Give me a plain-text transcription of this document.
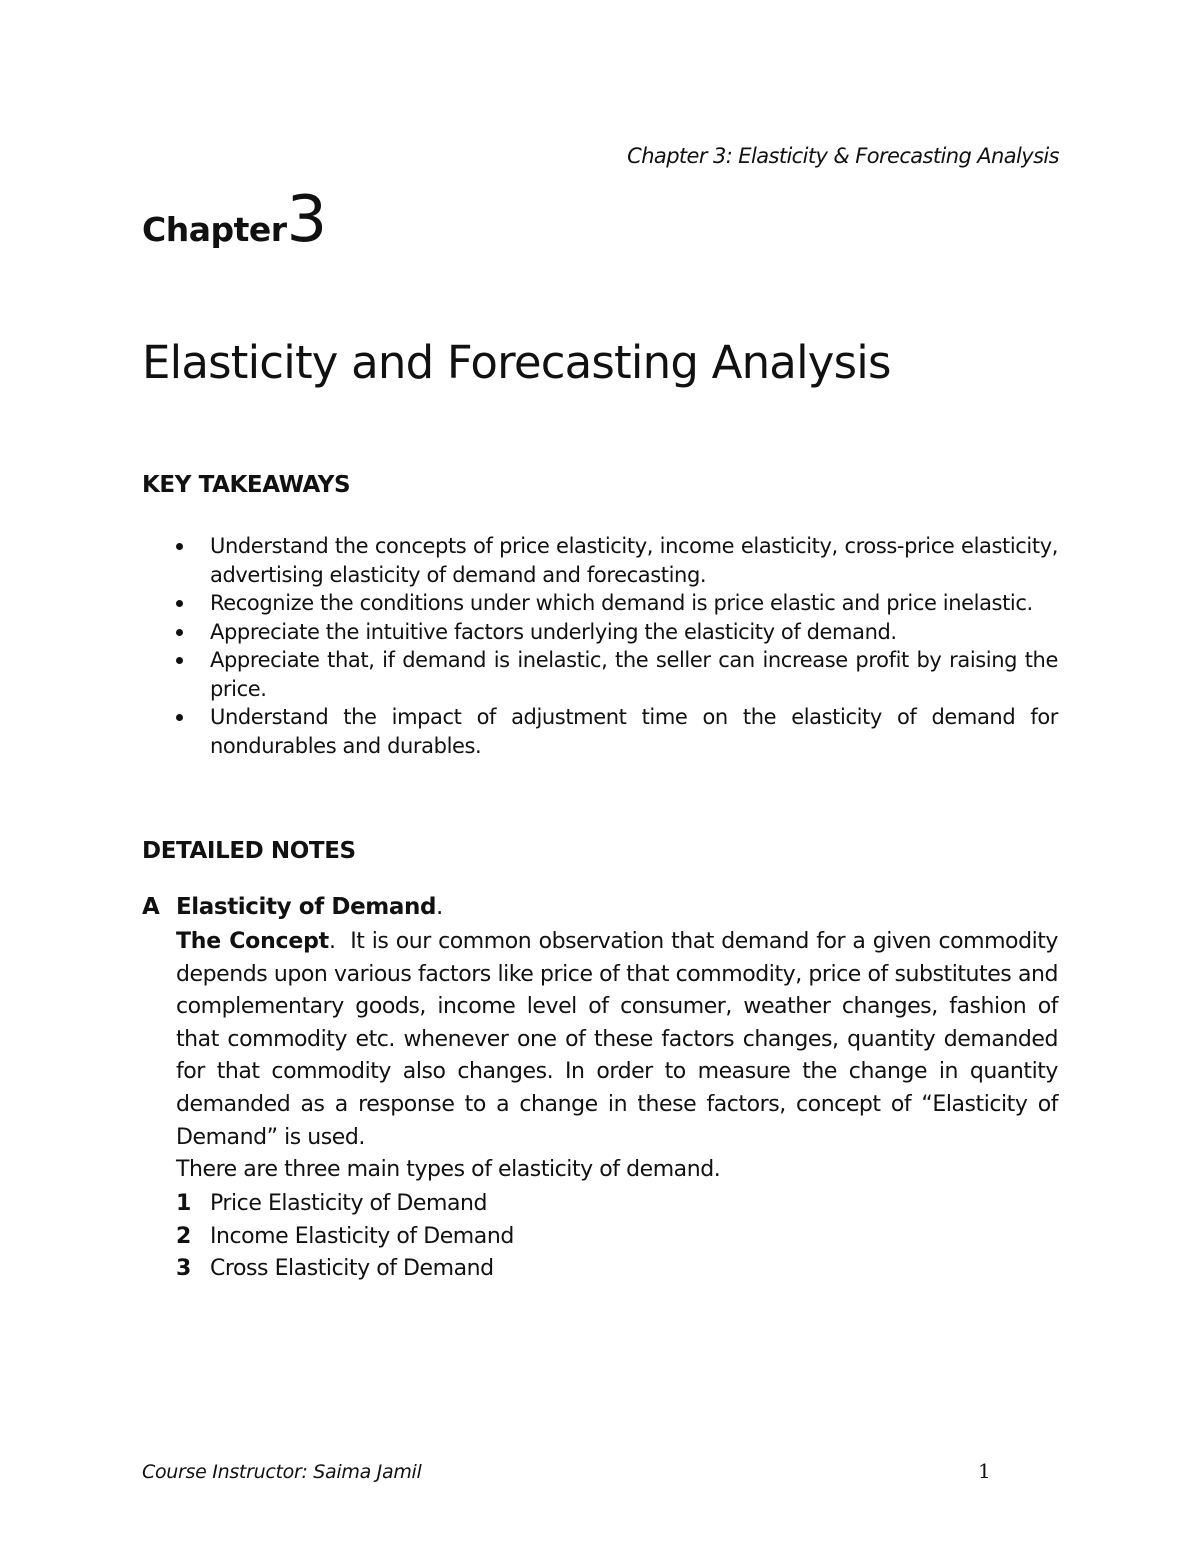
Chapter 3: Elasticity & Forecasting Analysis
Chapter3
Elasticity and Forecasting Analysis
KEY TAKEAWAYS
Understand the concepts of price elasticity, income elasticity, cross-price elasticity, advertising elasticity of demand and forecasting.
Recognize the conditions under which demand is price elastic and price inelastic.
Appreciate the intuitive factors underlying the elasticity of demand.
Appreciate that, if demand is inelastic, the seller can increase profit by raising the price.
Understand the impact of adjustment time on the elasticity of demand for nondurables and durables.
DETAILED NOTES
A Elasticity of Demand.

The Concept. It is our common observation that demand for a given commodity depends upon various factors like price of that commodity, price of substitutes and complementary goods, income level of consumer, weather changes, fashion of that commodity etc. whenever one of these factors changes, quantity demanded for that commodity also changes. In order to measure the change in quantity demanded as a response to a change in these factors, concept of “Elasticity of Demand” is used.
There are three main types of elasticity of demand.

1 Price Elasticity of Demand
2 Income Elasticity of Demand
3 Cross Elasticity of Demand
Course Instructor: Saima Jamil	1
